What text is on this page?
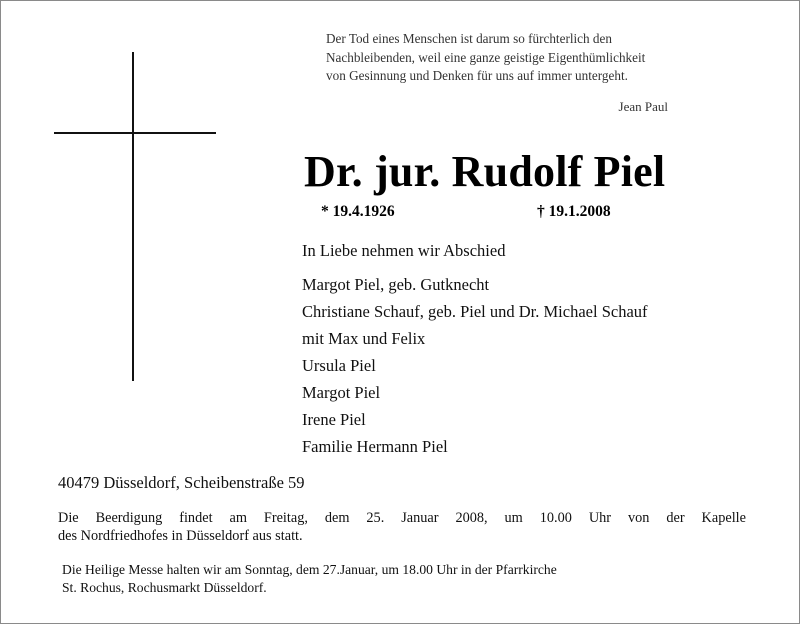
Der Tod eines Menschen ist darum so fürchterlich den
Nachbleibenden, weil eine ganze geistige Eigenthümlichkeit
von Gesinnung und Denken für uns auf immer untergeht.
Jean Paul
Dr. jur. Rudolf Piel
* 19.4.1926	† 19.1.2008
In Liebe nehmen wir Abschied
Margot Piel, geb. Gutknecht
Christiane Schauf, geb. Piel und Dr. Michael Schauf
mit Max und Felix
Ursula Piel
Margot Piel
Irene Piel
Familie Hermann Piel
40479 Düsseldorf, Scheibenstraße 59
Die Beerdigung findet am Freitag, dem 25. Januar 2008, um 10.00 Uhr von der Kapelle
des Nordfriedhofes in Düsseldorf aus statt.
Die Heilige Messe halten wir am Sonntag, dem 27.Januar, um 18.00 Uhr in der Pfarrkirche
St. Rochus, Rochusmarkt Düsseldorf.
